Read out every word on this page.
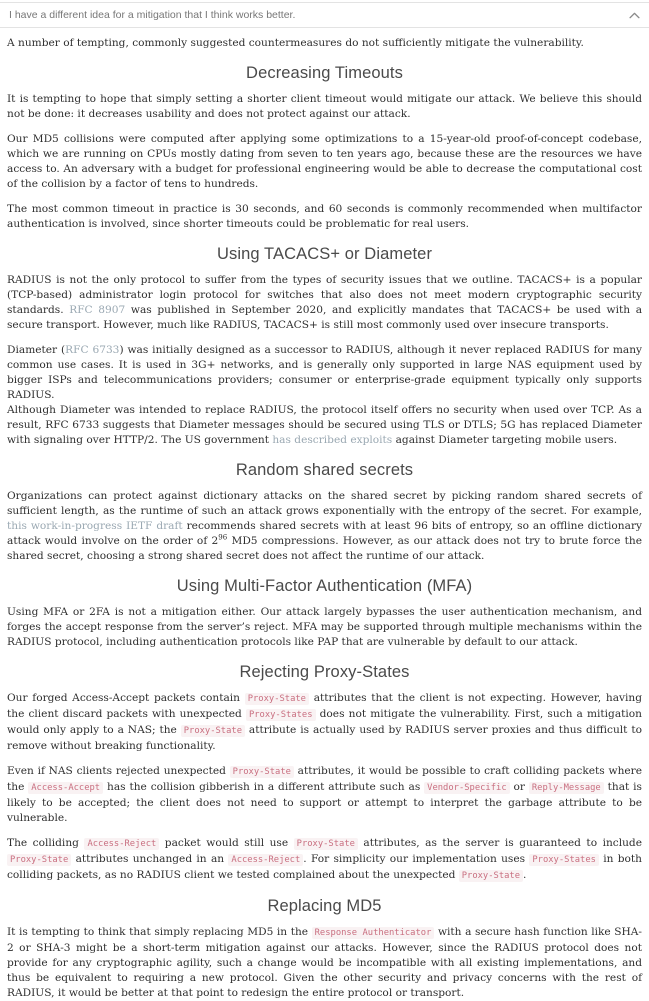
I have a different idea for a mitigation that I think works better.

A number of tempting, commonly suggested countermeasures do not sufficiently mitigate the vulnerability.

Decreasing Timeouts

It is tempting to hope that simply setting a shorter client timeout would mitigate our attack. We believe this should not be done: it decreases usability and does not protect against our attack.

Our MD5 collisions were computed after applying some optimizations to a 15-year-old proof-of-concept codebase, which we are running on CPUs mostly dating from seven to ten years ago, because these are the resources we have access to. An adversary with a budget for professional engineering would be able to decrease the computational cost of the collision by a factor of tens to hundreds.

The most common timeout in practice is 30 seconds, and 60 seconds is commonly recommended when multifactor authentication is involved, since shorter timeouts could be problematic for real users.

Using TACACS+ or Diameter

RADIUS is not the only protocol to suffer from the types of security issues that we outline. TACACS+ is a popular (TCP-based) administrator login protocol for switches that also does not meet modern cryptographic security standards. RFC 8907 was published in September 2020, and explicitly mandates that TACACS+ be used with a secure transport. However, much like RADIUS, TACACS+ is still most commonly used over insecure transports.

Diameter (RFC 6733) was initially designed as a successor to RADIUS, although it never replaced RADIUS for many common use cases. It is used in 3G+ networks, and is generally only supported in large NAS equipment used by bigger ISPs and telecommunications providers; consumer or enterprise-grade equipment typically only supports RADIUS.
Although Diameter was intended to replace RADIUS, the protocol itself offers no security when used over TCP. As a result, RFC 6733 suggests that Diameter messages should be secured using TLS or DTLS; 5G has replaced Diameter with signaling over HTTP/2. The US government has described exploits against Diameter targeting mobile users.

Random shared secrets

Organizations can protect against dictionary attacks on the shared secret by picking random shared secrets of sufficient length, as the runtime of such an attack grows exponentially with the entropy of the secret. For example, this work-in-progress IETF draft recommends shared secrets with at least 96 bits of entropy, so an offline dictionary attack would involve on the order of $2^{96}$ MD5 compressions. However, as our attack does not try to brute force the shared secret, choosing a strong shared secret does not affect the runtime of our attack.

Using Multi-Factor Authentication (MFA)

Using MFA or 2FA is not a mitigation either. Our attack largely bypasses the user authentication mechanism, and forges the accept response from the server’s reject. MFA may be supported through multiple mechanisms within the RADIUS protocol, including authentication protocols like PAP that are vulnerable by default to our attack.

Rejecting Proxy-States

Our forged Access-Accept packets contain Proxy-State attributes that the client is not expecting. However, having the client discard packets with unexpected Proxy-States does not mitigate the vulnerability. First, such a mitigation would only apply to a NAS; the Proxy-State attribute is actually used by RADIUS server proxies and thus difficult to remove without breaking functionality.

Even if NAS clients rejected unexpected Proxy-State attributes, it would be possible to craft colliding packets where the Access-Accept has the collision gibberish in a different attribute such as Vendor-Specific or Reply-Message that is likely to be accepted; the client does not need to support or attempt to interpret the garbage attribute to be vulnerable.

The colliding Access-Reject packet would still use Proxy-State attributes, as the server is guaranteed to include Proxy-State attributes unchanged in an Access-Reject . For simplicity our implementation uses Proxy-States in both colliding packets, as no RADIUS client we tested complained about the unexpected Proxy-State .

Replacing MD5

It is tempting to think that simply replacing MD5 in the Response Authenticator with a secure hash function like SHA-2 or SHA-3 might be a short-term mitigation against our attacks. However, since the RADIUS protocol does not provide for any cryptographic agility, such a change would be incompatible with all existing implementations, and thus be equivalent to requiring a new protocol. Given the other security and privacy concerns with the rest of RADIUS, it would be better at that point to redesign the entire protocol or transport.
